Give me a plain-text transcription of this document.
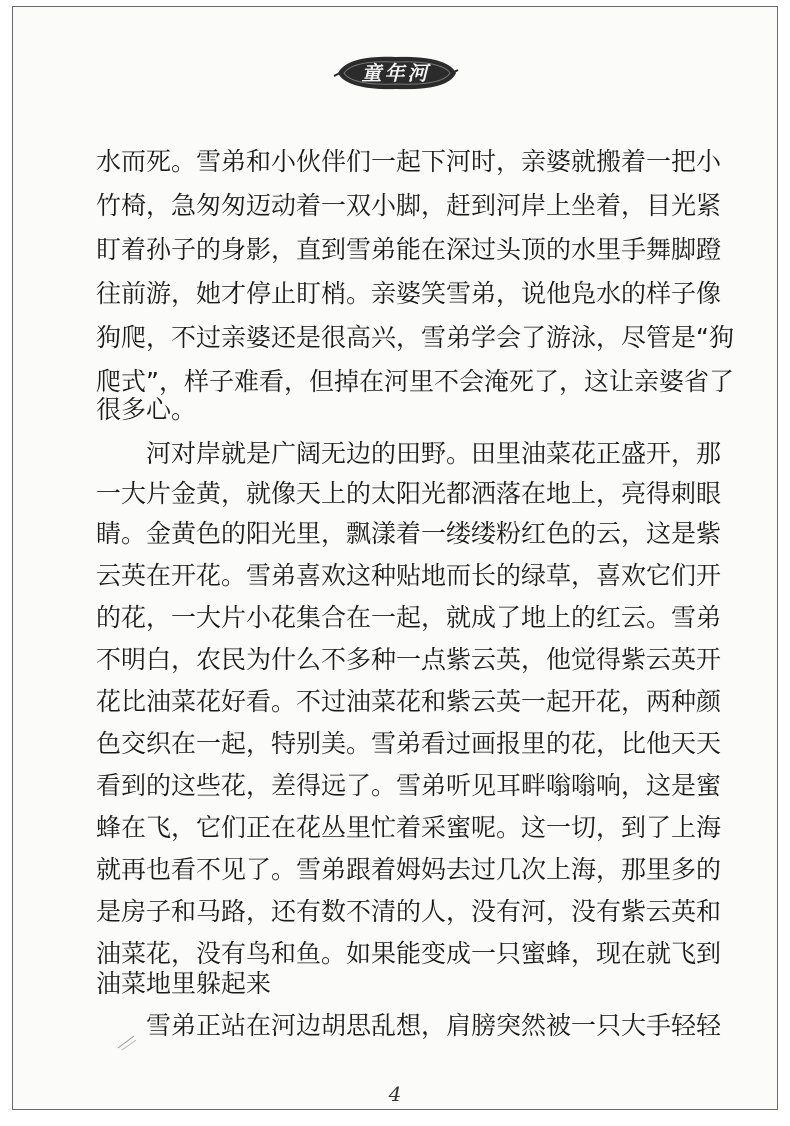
童年河
水而死。雪弟和小伙伴们一起下河时，亲婆就搬着一把小
竹椅，急匆匆迈动着一双小脚，赶到河岸上坐着，目光紧
盯着孙子的身影，直到雪弟能在深过头顶的水里手舞脚蹬
往前游，她才停止盯梢。亲婆笑雪弟，说他凫水的样子像
狗爬，不过亲婆还是很高兴，雪弟学会了游泳，尽管是“狗
爬式”，样子难看，但掉在河里不会淹死了，这让亲婆省了
很多心。
河对岸就是广阔无边的田野。田里油菜花正盛开，那
一大片金黄，就像天上的太阳光都洒落在地上，亮得刺眼
睛。金黄色的阳光里，飘漾着一缕缕粉红色的云，这是紫
云英在开花。雪弟喜欢这种贴地而长的绿草，喜欢它们开
的花，一大片小花集合在一起，就成了地上的红云。雪弟
不明白，农民为什么不多种一点紫云英，他觉得紫云英开
花比油菜花好看。不过油菜花和紫云英一起开花，两种颜
色交织在一起，特别美。雪弟看过画报里的花，比他天天
看到的这些花，差得远了。雪弟听见耳畔嗡嗡响，这是蜜
蜂在飞，它们正在花丛里忙着采蜜呢。这一切，到了上海
就再也看不见了。雪弟跟着姆妈去过几次上海，那里多的
是房子和马路，还有数不清的人，没有河，没有紫云英和
油菜花，没有鸟和鱼。如果能变成一只蜜蜂，现在就飞到
油菜地里躲起来
雪弟正站在河边胡思乱想，肩膀突然被一只大手轻轻
4
